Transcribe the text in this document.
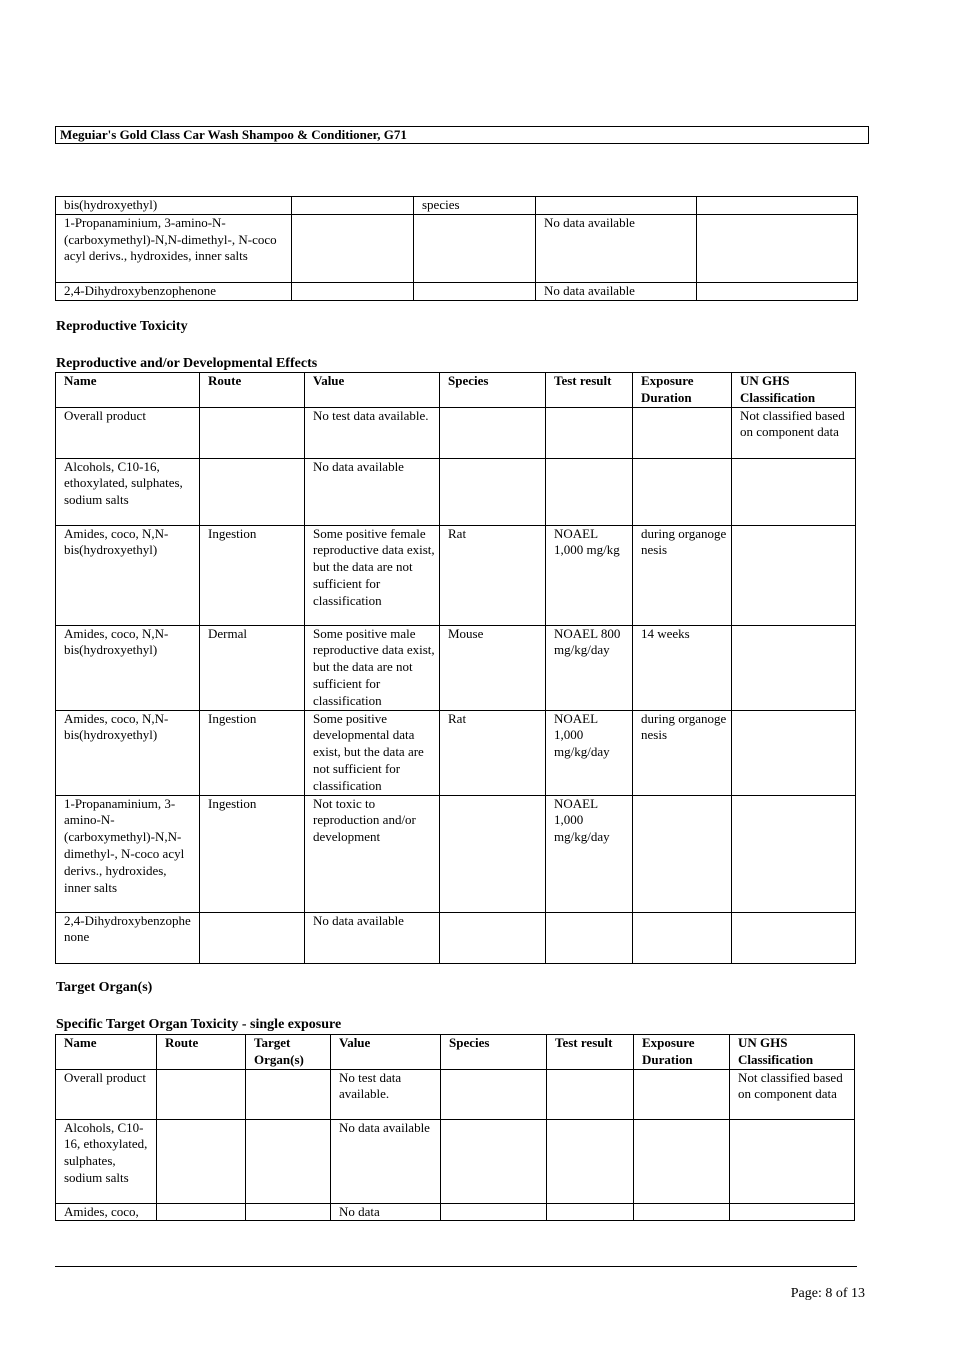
Meguiar's Gold Class Car Wash Shampoo & Conditioner, G71
bis(hydroxyethyl)		species		
1-Propanaminium, 3-amino-N-(carboxymethyl)-N,N-dimethyl-, N-coco acyl derivs., hydroxides, inner salts			No data available	
2,4-Dihydroxybenzophenone			No data available	
Reproductive Toxicity
Reproductive and/or Developmental Effects
Name	Route	Value	Species	Test result	Exposure Duration	UN GHS Classification
Overall product		No test data available.				Not classified based on component data
Alcohols, C10-16, ethoxylated, sulphates, sodium salts		No data available				
Amides, coco, N,N-bis(hydroxyethyl)	Ingestion	Some positive female reproductive data exist, but the data are not sufficient for classification	Rat	NOAEL 1,000 mg/kg	during organogenesis	
Amides, coco, N,N-bis(hydroxyethyl)	Dermal	Some positive male reproductive data exist, but the data are not sufficient for classification	Mouse	NOAEL 800 mg/kg/day	14 weeks	
Amides, coco, N,N-bis(hydroxyethyl)	Ingestion	Some positive developmental data exist, but the data are not sufficient for classification	Rat	NOAEL 1,000 mg/kg/day	during organogenesis	
1-Propanaminium, 3-amino-N-(carboxymethyl)-N,N-dimethyl-, N-coco acyl derivs., hydroxides, inner salts	Ingestion	Not toxic to reproduction and/or development		NOAEL 1,000 mg/kg/day		
2,4-Dihydroxybenzophenone		No data available				
Target Organ(s)
Specific Target Organ Toxicity - single exposure
Name	Route	Target Organ(s)	Value	Species	Test result	Exposure Duration	UN GHS Classification
Overall product			No test data available.				Not classified based on component data
Alcohols, C10-16, ethoxylated, sulphates, sodium salts			No data available				
Amides, coco,			No data				
Page: 8 of 13
